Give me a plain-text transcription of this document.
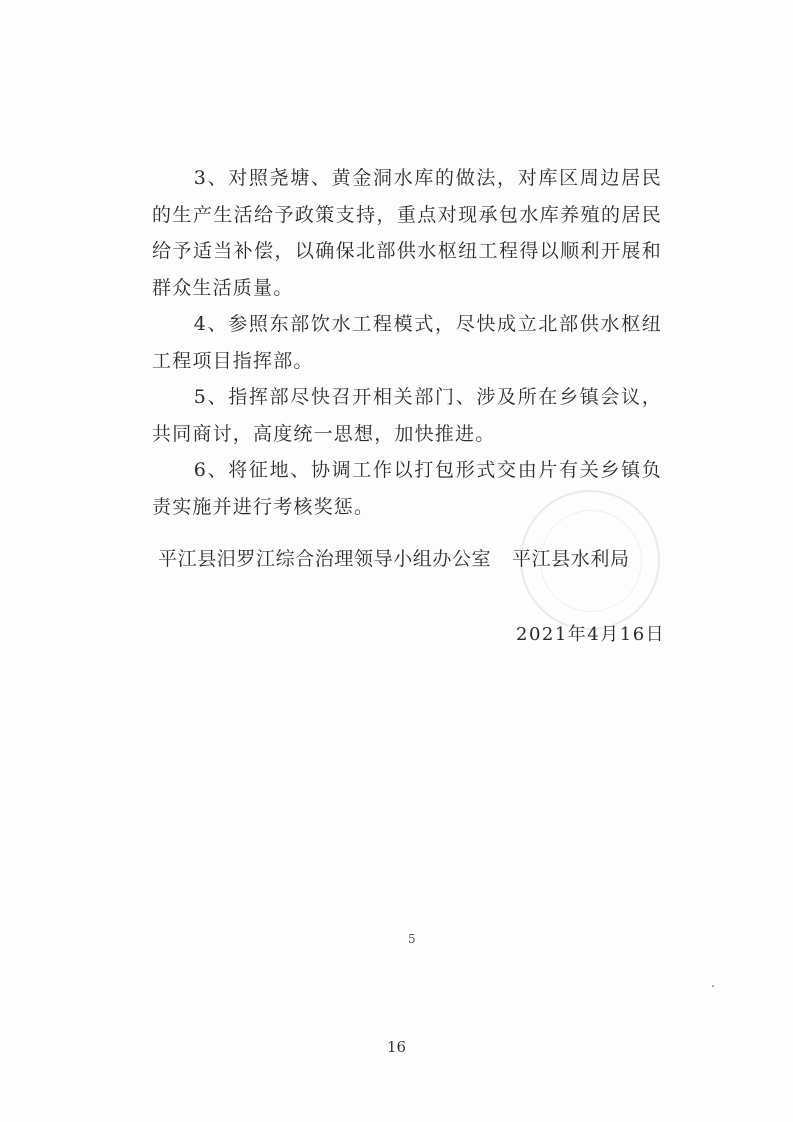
3、对照尧塘、黄金洞水库的做法，对库区周边居民的生产生活给予政策支持，重点对现承包水库养殖的居民给予适当补偿，以确保北部供水枢纽工程得以顺利开展和群众生活质量。

4、参照东部饮水工程模式，尽快成立北部供水枢纽工程项目指挥部。

5、指挥部尽快召开相关部门、涉及所在乡镇会议，共同商讨，高度统一思想，加快推进。

6、将征地、协调工作以打包形式交由片有关乡镇负责实施并进行考核奖惩。

平江县汨罗江综合治理领导小组办公室 平江县水利局
2021年4月16日
5
16
